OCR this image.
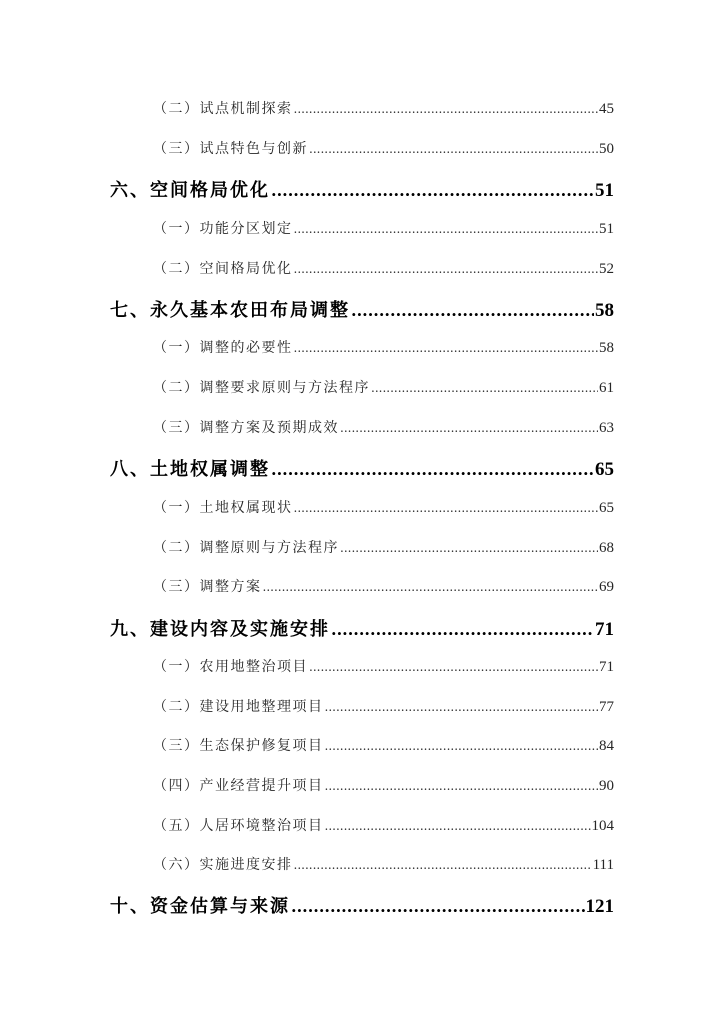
（二）试点机制探索 .....	45
（三）试点特色与创新 .....	50
六、空间格局优化 .....	51
（一）功能分区划定 .....	51
（二）空间格局优化 .....	52
七、永久基本农田布局调整 .....	58
（一）调整的必要性 .....	58
（二）调整要求原则与方法程序 .....	61
（三）调整方案及预期成效 .....	63
八、土地权属调整 .....	65
（一）土地权属现状 .....	65
（二）调整原则与方法程序 .....	68
（三）调整方案 .....	69
九、建设内容及实施安排 .....	71
（一）农用地整治项目 .....	71
（二）建设用地整理项目 .....	77
（三）生态保护修复项目 .....	84
（四）产业经营提升项目 .....	90
（五）人居环境整治项目 .....	104
（六）实施进度安排 .....	111
十、资金估算与来源 .....	121
